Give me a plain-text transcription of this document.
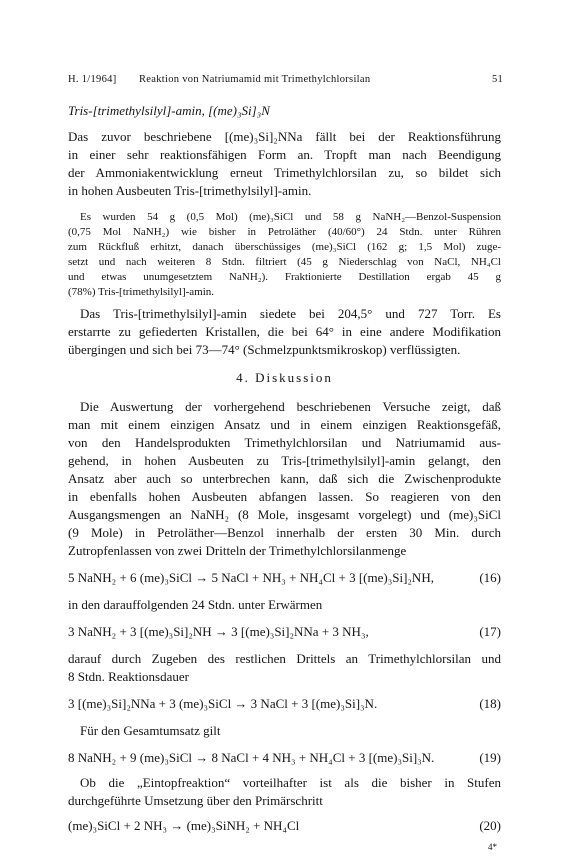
H. 1/1964] Reaktion von Natriumamid mit Trimethylchlorsilan	51
Tris-[trimethylsilyl]-amin, [(me)₃Si]₃N
Das zuvor beschriebene [(me)₃Si]₂NNa fällt bei der Reaktionsführung
in einer sehr reaktionsfähigen Form an. Tropft man nach Beendigung
der Ammoniakentwicklung erneut Trimethylchlorsilan zu, so bildet sich
in hohen Ausbeuten Tris-[trimethylsilyl]-amin.
Es wurden 54 g (0,5 Mol) (me)₃SiCl und 58 g NaNH₂—Benzol-Suspension
(0,75 Mol NaNH₂) wie bisher in Petroläther (40/60°) 24 Stdn. unter Rühren
zum Rückfluß erhitzt, danach überschüssiges (me)₃SiCl (162 g; 1,5 Mol) zuge-
setzt und nach weiteren 8 Stdn. filtriert (45 g Niederschlag von NaCl, NH₄Cl
und etwas unumgesetztem NaNH₂). Fraktionierte Destillation ergab 45 g
(78%) Tris-[trimethylsilyl]-amin.
Das Tris-[trimethylsilyl]-amin siedete bei 204,5° und 727 Torr. Es
erstarrte zu gefiederten Kristallen, die bei 64° in eine andere Modifikation
übergingen und sich bei 73—74° (Schmelzpunktsmikroskop) verflüssigten.
4. Diskussion
Die Auswertung der vorhergehend beschriebenen Versuche zeigt, daß
man mit einem einzigen Ansatz und in einem einzigen Reaktionsgefäß,
von den Handelsprodukten Trimethylchlorsilan und Natriumamid aus-
gehend, in hohen Ausbeuten zu Tris-[trimethylsilyl]-amin gelangt, den
Ansatz aber auch so unterbrechen kann, daß sich die Zwischenprodukte
in ebenfalls hohen Ausbeuten abfangen lassen. So reagieren von den
Ausgangsmengen an NaNH₂ (8 Mole, insgesamt vorgelegt) und (me)₃SiCl
(9 Mole) in Petroläther—Benzol innerhalb der ersten 30 Min. durch
Zutropfenlassen von zwei Dritteln der Trimethylchlorsilanmenge
5 NaNH₂ + 6 (me)₃SiCl → 5 NaCl + NH₃ + NH₄Cl + 3 [(me)₃Si]₂NH,	(16)
in den darauffolgenden 24 Stdn. unter Erwärmen
3 NaNH₂ + 3 [(me)₃Si]₂NH → 3 [(me)₃Si]₂NNa + 3 NH₃,	(17)
darauf durch Zugeben des restlichen Drittels an Trimethylchlorsilan und
8 Stdn. Reaktionsdauer
3 [(me)₃Si]₂NNa + 3 (me)₃SiCl → 3 NaCl + 3 [(me)₃Si]₃N.	(18)
Für den Gesamtumsatz gilt
8 NaNH₂ + 9 (me)₃SiCl → 8 NaCl + 4 NH₃ + NH₄Cl + 3 [(me)₃Si]₃N.	(19)
Ob die „Eintopfreaktion“ vorteilhafter ist als die bisher in Stufen
durchgeführte Umsetzung über den Primärschritt
(me)₃SiCl + 2 NH₃ → (me)₃SiNH₂ + NH₄Cl	(20)
4*
